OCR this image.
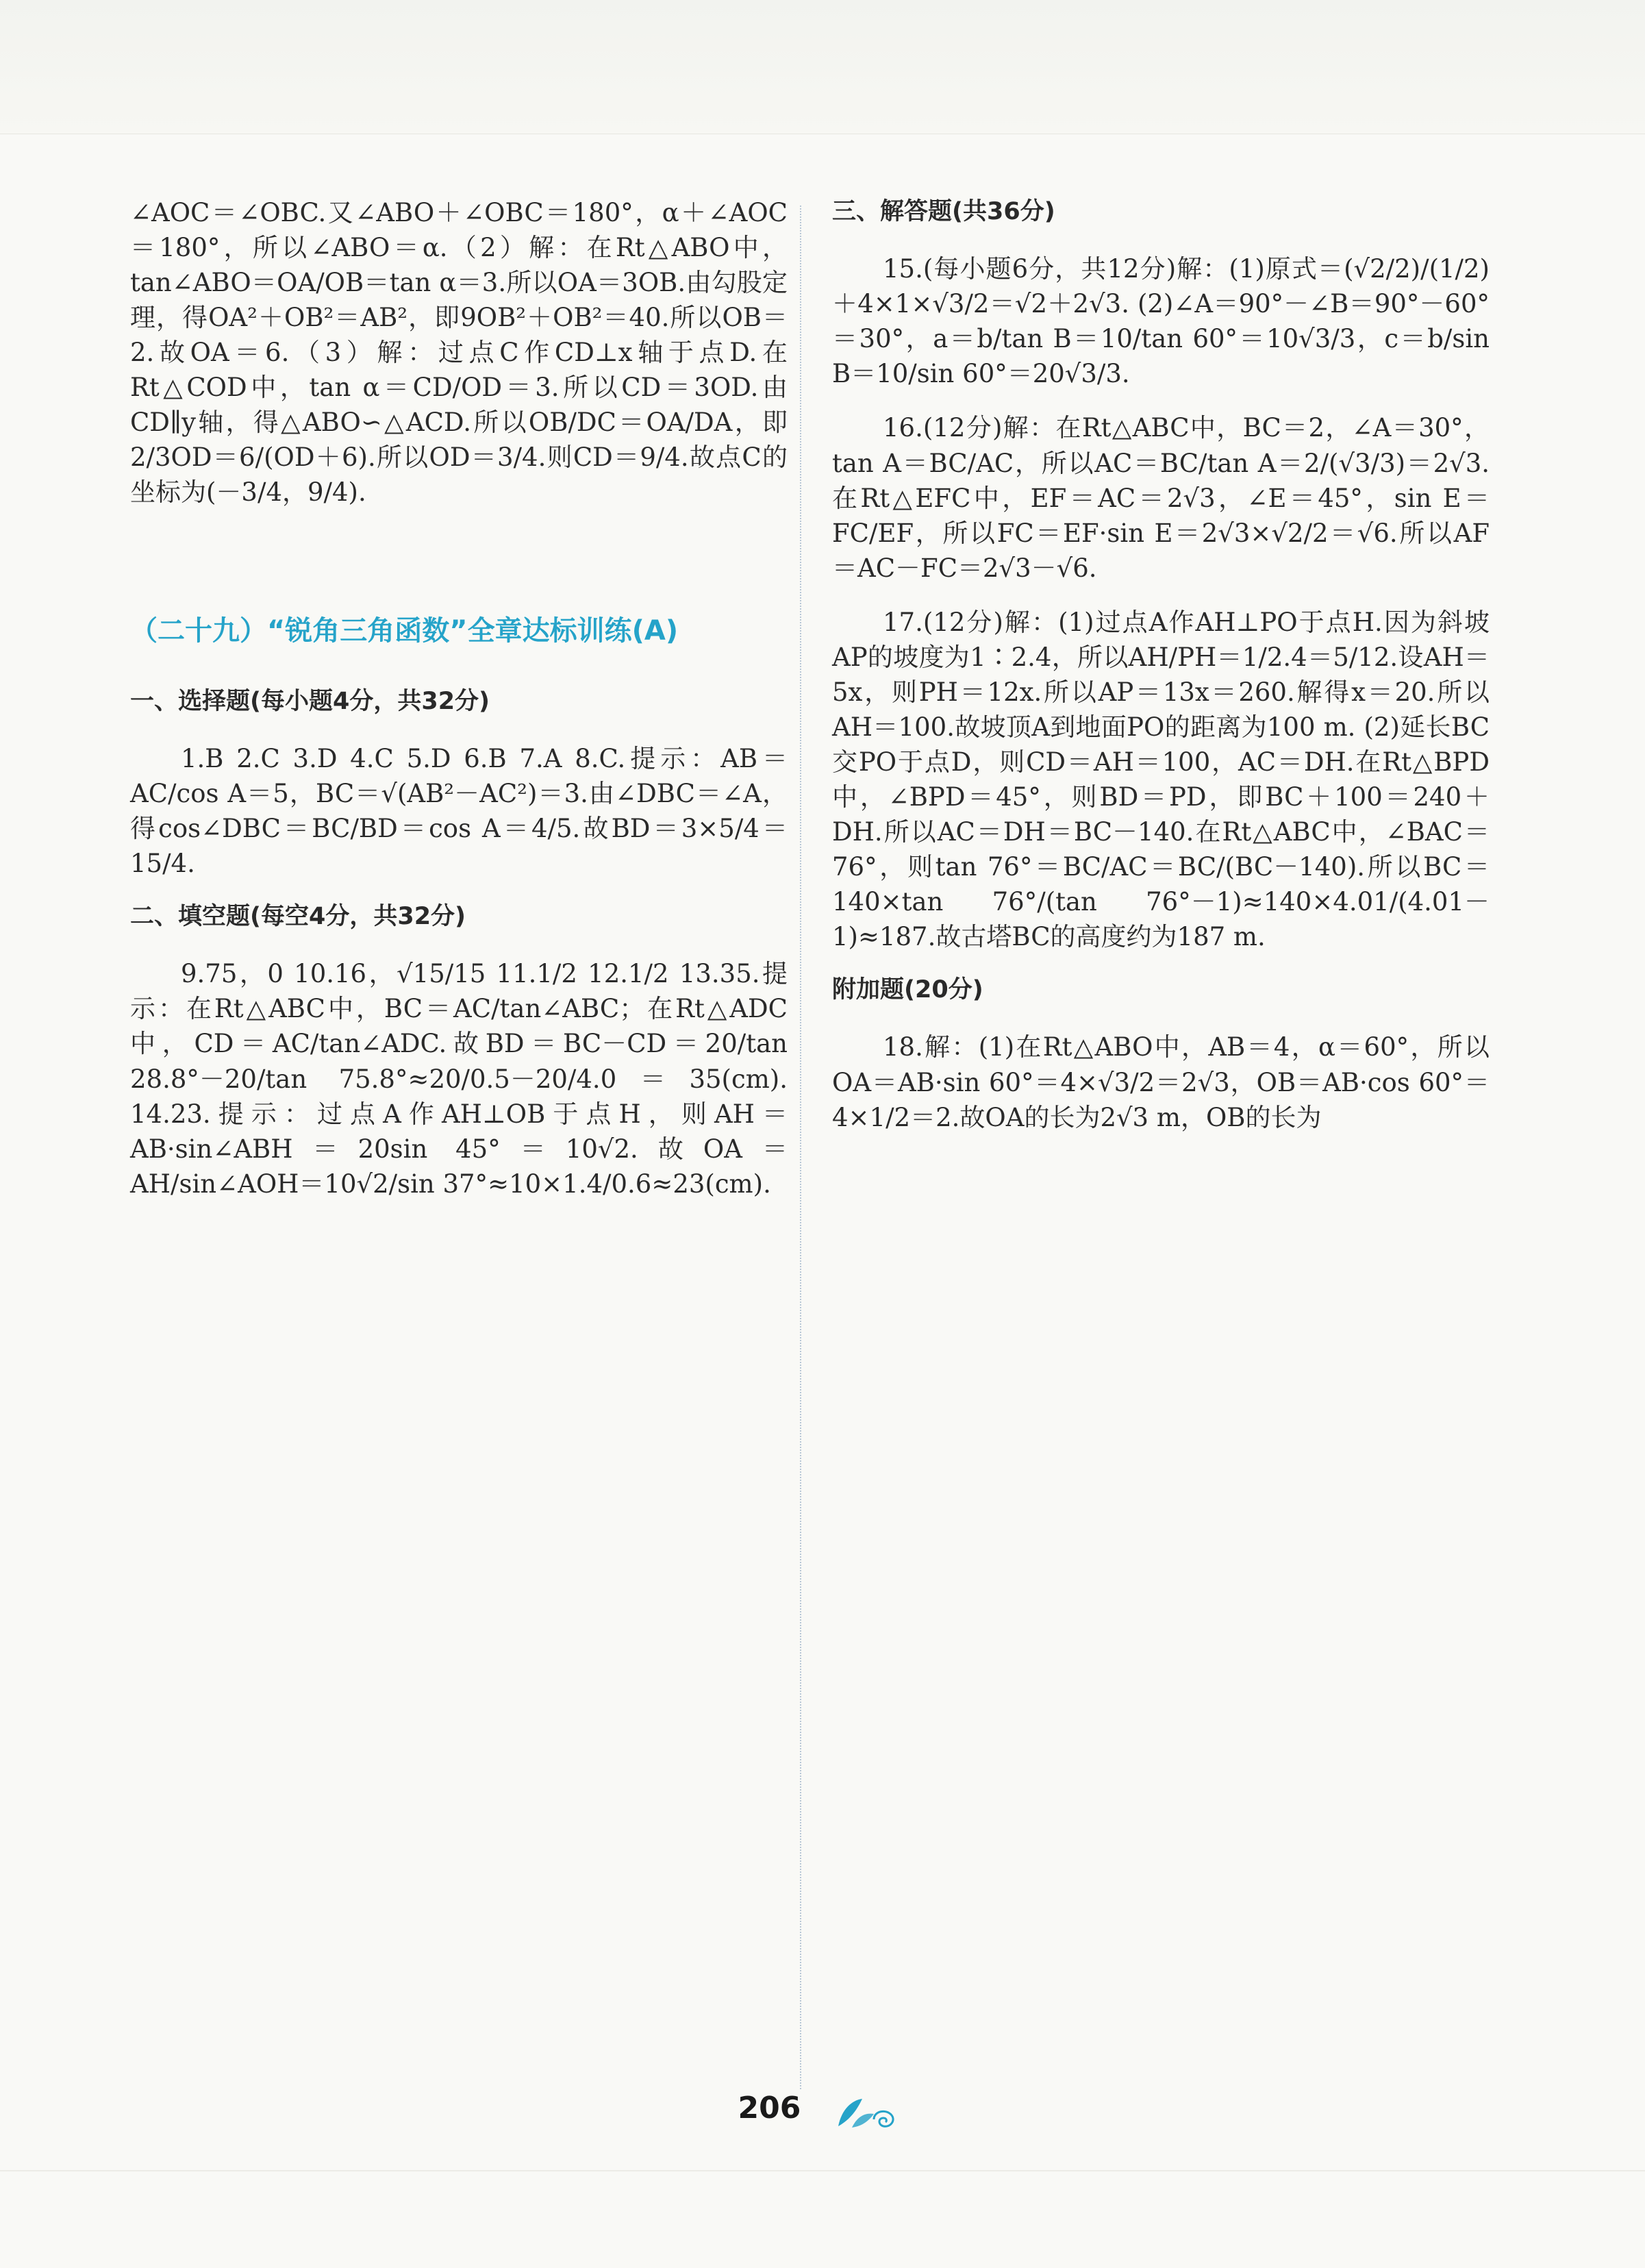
∠AOC＝∠OBC.又∠ABO＋∠OBC＝180°，α＋∠AOC＝180°，所以∠ABO＝α.（2）解：在Rt△ABO中，tan∠ABO＝OA/OB＝tan α＝3.所以OA＝3OB.由勾股定理，得OA²＋OB²＝AB²，即9OB²＋OB²＝40.所以OB＝2.故OA＝6.（3）解：过点C作CD⊥x轴于点D.在Rt△COD中，tan α＝CD/OD＝3.所以CD＝3OD.由CD∥y轴，得△ABO∽△ACD.所以OB/DC＝OA/DA，即2/3OD＝6/(OD＋6).所以OD＝3/4.则CD＝9/4.故点C的坐标为(－3/4，9/4).

（二十九）“锐角三角函数”全章达标训练(A)
一、选择题(每小题4分，共32分)

1.B 2.C 3.D 4.C 5.D 6.B 7.A 8.C.提示：AB＝AC/cos A＝5，BC＝√(AB²－AC²)＝3.由∠DBC＝∠A，得cos∠DBC＝BC/BD＝cos A＝4/5.故BD＝3×5/4＝15/4.

二、填空题(每空4分，共32分)

9.75，0 10.16，√15/15 11.1/2 12.1/2 13.35.提示：在Rt△ABC中，BC＝AC/tan∠ABC；在Rt△ADC中，CD＝AC/tan∠ADC.故BD＝BC－CD＝20/tan 28.8°－20/tan 75.8°≈20/0.5－20/4.0＝35(cm). 14.23.提示：过点A作AH⊥OB于点H，则AH＝AB·sin∠ABH＝20sin 45°＝10√2.故OA＝AH/sin∠AOH＝10√2/sin 37°≈10×1.4/0.6≈23(cm).

三、解答题(共36分)

15.(每小题6分，共12分)解：(1)原式＝(√2/2)/(1/2)＋4×1×√3/2＝√2＋2√3. (2)∠A＝90°－∠B＝90°－60°＝30°，a＝b/tan B＝10/tan 60°＝10√3/3，c＝b/sin B＝10/sin 60°＝20√3/3.

16.(12分)解：在Rt△ABC中，BC＝2，∠A＝30°，tan A＝BC/AC，所以AC＝BC/tan A＝2/(√3/3)＝2√3.在Rt△EFC中，EF＝AC＝2√3，∠E＝45°，sin E＝FC/EF，所以FC＝EF·sin E＝2√3×√2/2＝√6.所以AF＝AC－FC＝2√3－√6.

17.(12分)解：(1)过点A作AH⊥PO于点H.因为斜坡AP的坡度为1∶2.4，所以AH/PH＝1/2.4＝5/12.设AH＝5x，则PH＝12x.所以AP＝13x＝260.解得x＝20.所以AH＝100.故坡顶A到地面PO的距离为100 m. (2)延长BC交PO于点D，则CD＝AH＝100，AC＝DH.在Rt△BPD中，∠BPD＝45°，则BD＝PD，即BC＋100＝240＋DH.所以AC＝DH＝BC－140.在Rt△ABC中，∠BAC＝76°，则tan 76°＝BC/AC＝BC/(BC－140).所以BC＝140×tan 76°/(tan 76°－1)≈140×4.01/(4.01－1)≈187.故古塔BC的高度约为187 m.

附加题(20分)

18.解：(1)在Rt△ABO中，AB＝4，α＝60°，所以OA＝AB·sin 60°＝4×√3/2＝2√3，OB＝AB·cos 60°＝4×1/2＝2.故OA的长为2√3 m，OB的长为

206
